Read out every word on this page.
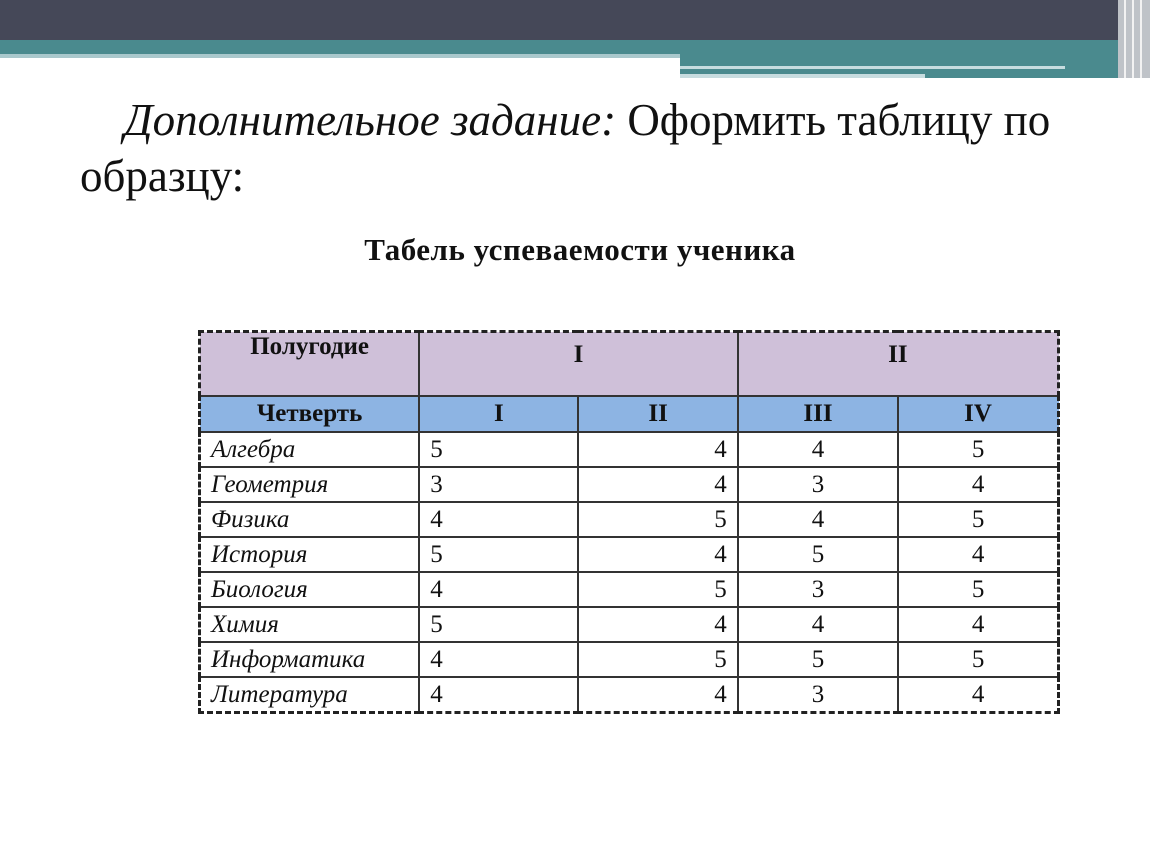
Дополнительное задание: Оформить таблицу по образцу:

Табель успеваемости ученика
Полугодие	I		II	
Четверть	I	II	III	IV
Алгебра	5	4	4	5
Геометрия	3	4	3	4
Физика	4	5	4	5
История	5	4	5	4
Биология	4	5	3	5
Химия	5	4	4	4
Информатика	4	5	5	5
Литература	4	4	3	4
